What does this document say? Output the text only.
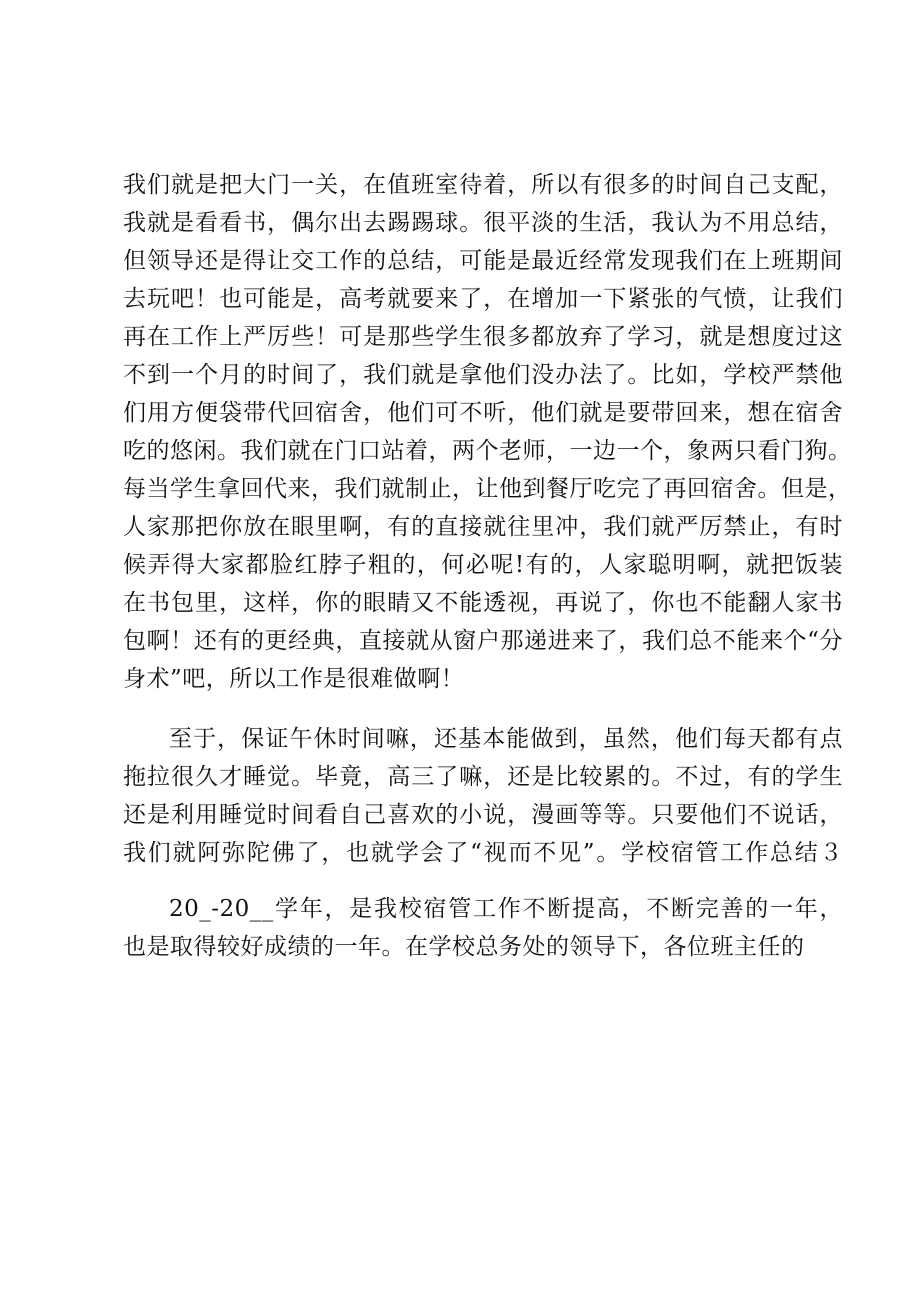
我们就是把大门一关，在值班室待着，所以有很多的时间自己支配，
我就是看看书，偶尔出去踢踢球。很平淡的生活，我认为不用总结，
但领导还是得让交工作的总结，可能是最近经常发现我们在上班期间
去玩吧！也可能是，高考就要来了，在增加一下紧张的气愤，让我们
再在工作上严厉些！可是那些学生很多都放弃了学习，就是想度过这
不到一个月的时间了，我们就是拿他们没办法了。比如，学校严禁他
们用方便袋带代回宿舍，他们可不听，他们就是要带回来，想在宿舍
吃的悠闲。我们就在门口站着，两个老师，一边一个，象两只看门狗。
每当学生拿回代来，我们就制止，让他到餐厅吃完了再回宿舍。但是，
人家那把你放在眼里啊，有的直接就往里冲，我们就严厉禁止，有时
候弄得大家都脸红脖子粗的，何必呢!有的，人家聪明啊，就把饭装
在书包里，这样，你的眼睛又不能透视，再说了，你也不能翻人家书
包啊！还有的更经典，直接就从窗户那递进来了，我们总不能来个“分
身术”吧，所以工作是很难做啊！
至于，保证午休时间嘛，还基本能做到，虽然，他们每天都有点
拖拉很久才睡觉。毕竟，高三了嘛，还是比较累的。不过，有的学生
还是利用睡觉时间看自己喜欢的小说，漫画等等。只要他们不说话，
我们就阿弥陀佛了，也就学会了“视而不见”。学校宿管工作总结３
20_-20__学年，是我校宿管工作不断提高，不断完善的一年，
也是取得较好成绩的一年。在学校总务处的领导下，各位班主任的
